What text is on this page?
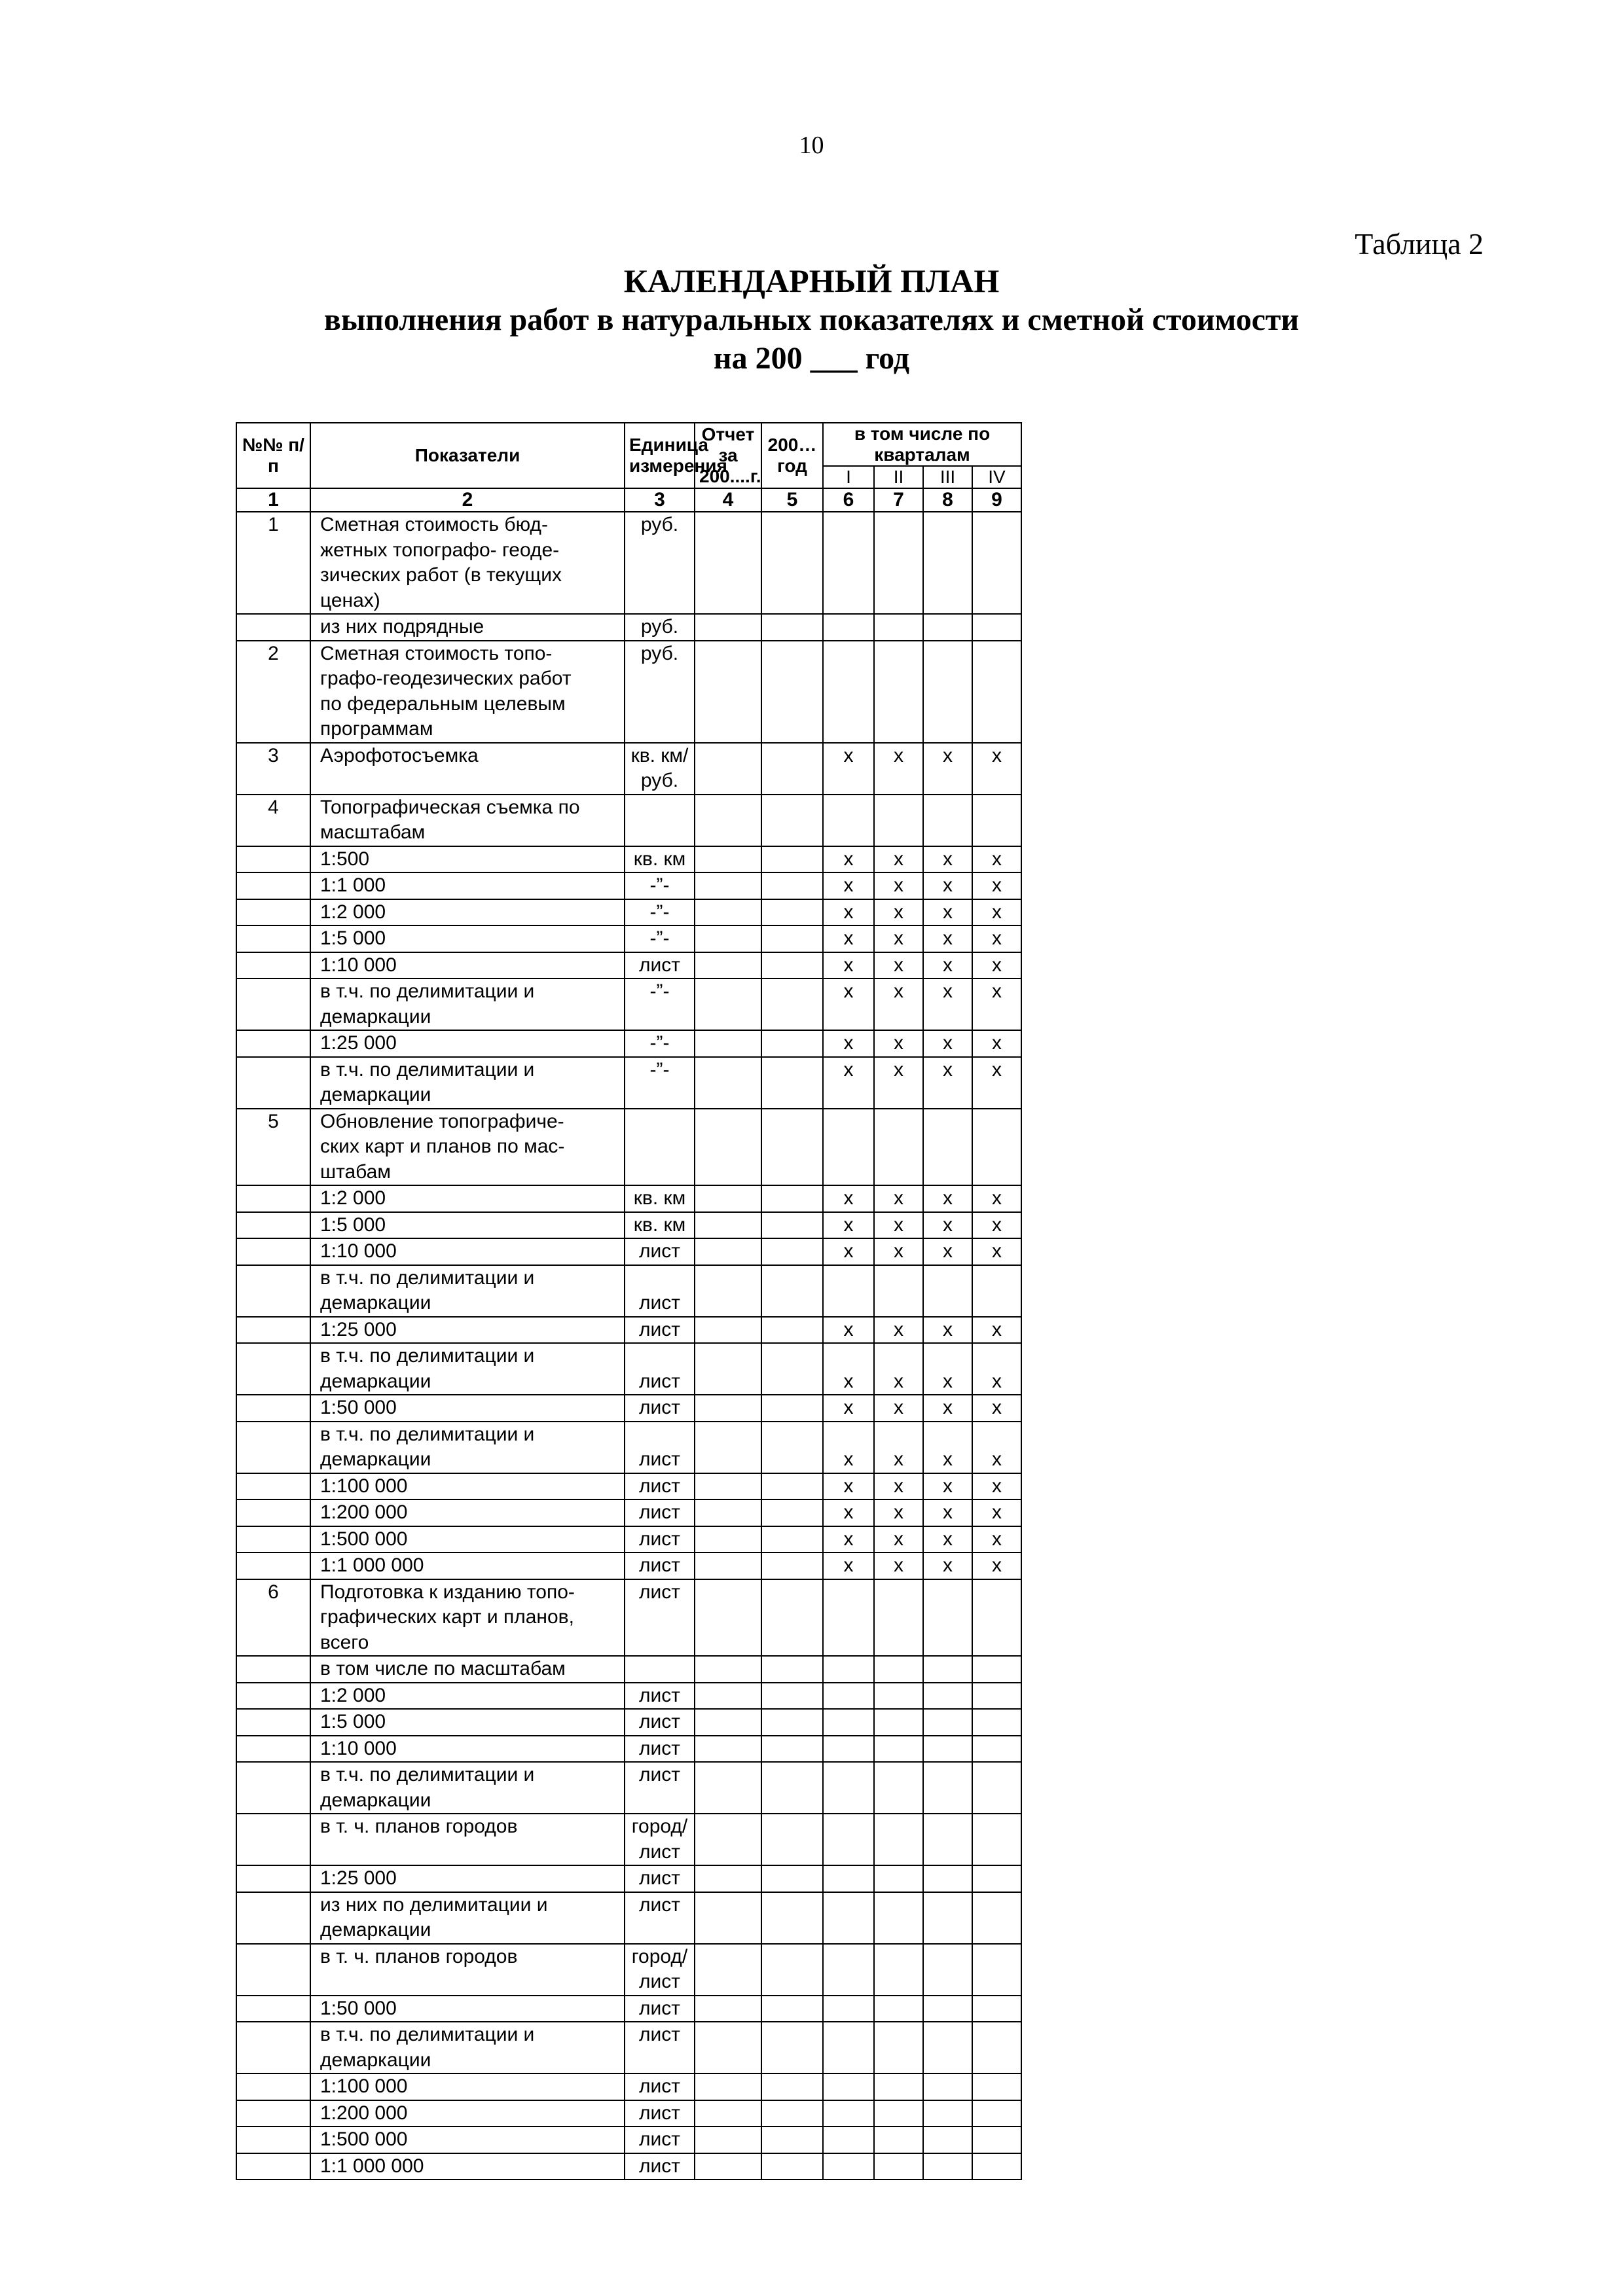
10
Таблица 2
КАЛЕНДАРНЫЙ ПЛАН
выполнения работ в натуральных показателях и сметной стоимости
на 200 ___ год
№№ п/п	Показатели	Единица измерения	Отчет за 200....г.	200…год	в том числе по кварталам			
					I	II	III	IV
1	2	3	4	5	6	7	8	9
1	Сметная стоимость бюд-
жетных топографо- геоде-
зических работ (в текущих
ценах)	руб.						

	из них подрядные	руб.						
2	Сметная стоимость топо-
графо-геодезических работ
по федеральным целевым
программам	руб.						
3	Аэрофотосъемка	кв. км/руб.			х	х	х	х
4	Топографическая съемка по
масштабам							

	1:500	кв. км			х	х	х	х

	1:1 000	-”-			х	х	х	х

	1:2 000	-”-			х	х	х	х

	1:5 000	-”-			х	х	х	х

	1:10 000	лист			х	х	х	х

	в т.ч. по делимитации и
демаркации	-”-			х	х	х	х

	1:25 000	-”-			х	х	х	х

	в т.ч. по делимитации и
демаркации	-”-			х	х	х	х
5	Обновление топографиче-
ских карт и планов по мас-
штабам							

	1:2 000	кв. км			х	х	х	х

	1:5 000	кв. км			х	х	х	х

	1:10 000	лист			х	х	х	х

	в т.ч. по делимитации и
демаркации	лист						

	1:25 000	лист			х	х	х	х

	в т.ч. по делимитации и
демаркации	лист			х	х	х	х

	1:50 000	лист			х	х	х	х

	в т.ч. по делимитации и
демаркации	лист			х	х	х	х

	1:100 000	лист			х	х	х	х

	1:200 000	лист			х	х	х	х

	1:500 000	лист			х	х	х	х

	1:1 000 000	лист			х	х	х	х
6	Подготовка к изданию топо-
графических карт и планов,
всего	лист						

	в том числе по масштабам							

	1:2 000	лист						

	1:5 000	лист						

	1:10 000	лист						

	в т.ч. по делимитации и
демаркации	лист						

	в т. ч. планов городов	город/лист						

	1:25 000	лист						

	из них по делимитации и
демаркации	лист						

	в т. ч. планов городов	город/лист						

	1:50 000	лист						

	в т.ч. по делимитации и
демаркации	лист						

	1:100 000	лист						

	1:200 000	лист						

	1:500 000	лист						

	1:1 000 000	лист						
